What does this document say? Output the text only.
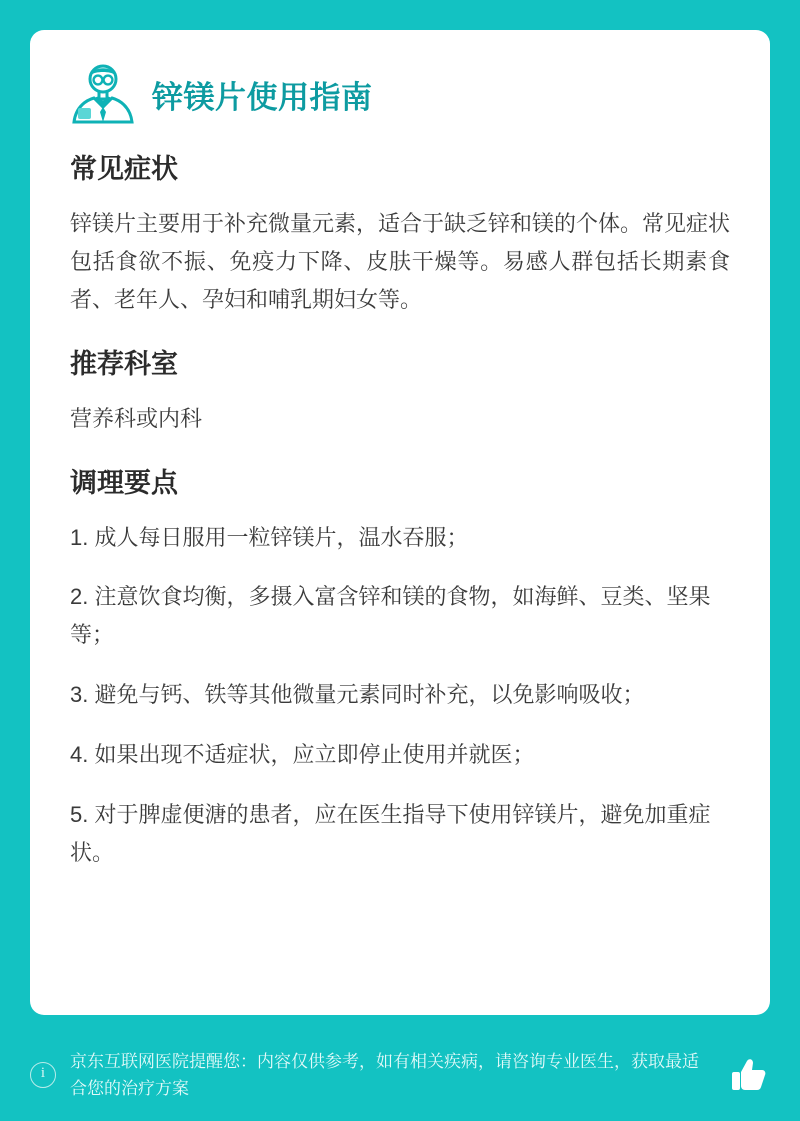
锌镁片使用指南
常见症状

锌镁片主要用于补充微量元素，适合于缺乏锌和镁的个体。常见症状包括食欲不振、免疫力下降、皮肤干燥等。易感人群包括长期素食者、老年人、孕妇和哺乳期妇女等。

推荐科室

营养科或内科

调理要点

1. 成人每日服用一粒锌镁片，温水吞服；

2. 注意饮食均衡，多摄入富含锌和镁的食物，如海鲜、豆类、坚果等；

3. 避免与钙、铁等其他微量元素同时补充，以免影响吸收；

4. 如果出现不适症状，应立即停止使用并就医；

5. 对于脾虚便溏的患者，应在医生指导下使用锌镁片，避免加重症状。

i
京东互联网医院提醒您：内容仅供参考，如有相关疾病，请咨询专业医生，获取最适合您的治疗方案
